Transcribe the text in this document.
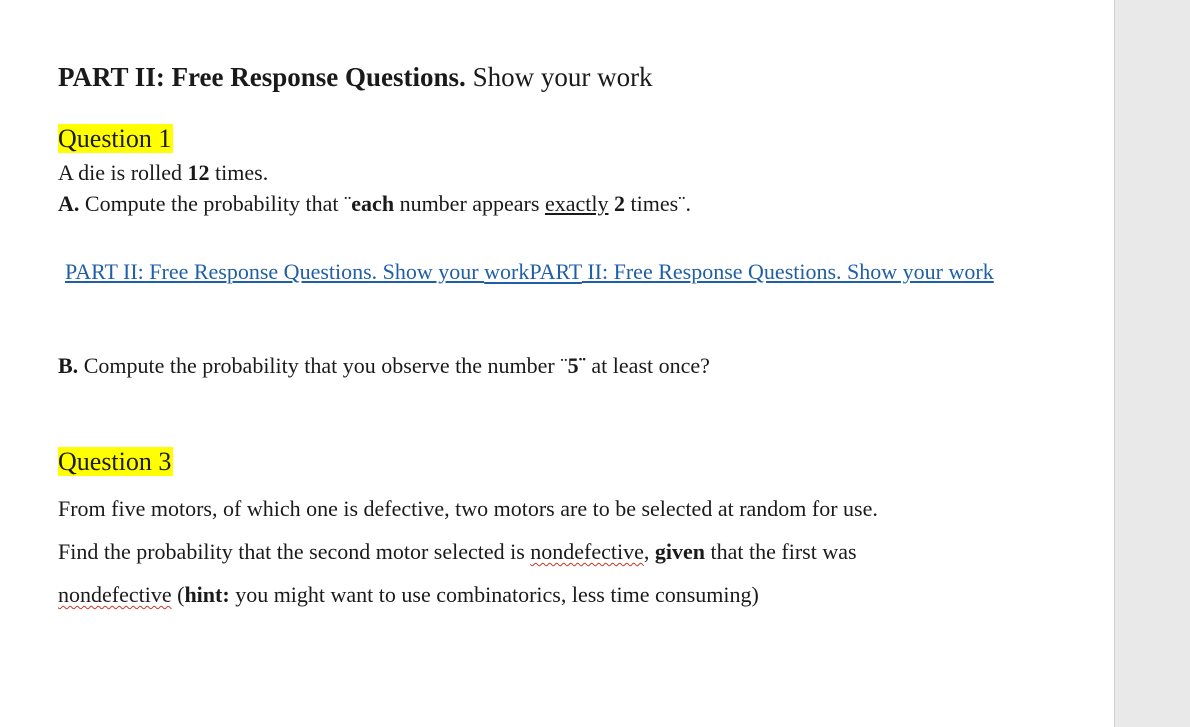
PART II: Free Response Questions. Show your work
Question 1
A die is rolled 12 times.
A. Compute the probability that ¨each number appears exactly 2 times¨.
PART II: Free Response Questions. Show your workPART II: Free Response Questions. Show your work
B. Compute the probability that you observe the number ¨5¨ at least once?
Question 3
From five motors, of which one is defective, two motors are to be selected at random for use.
Find the probability that the second motor selected is nondefective, given that the first was
nondefective (hint: you might want to use combinatorics, less time consuming)
